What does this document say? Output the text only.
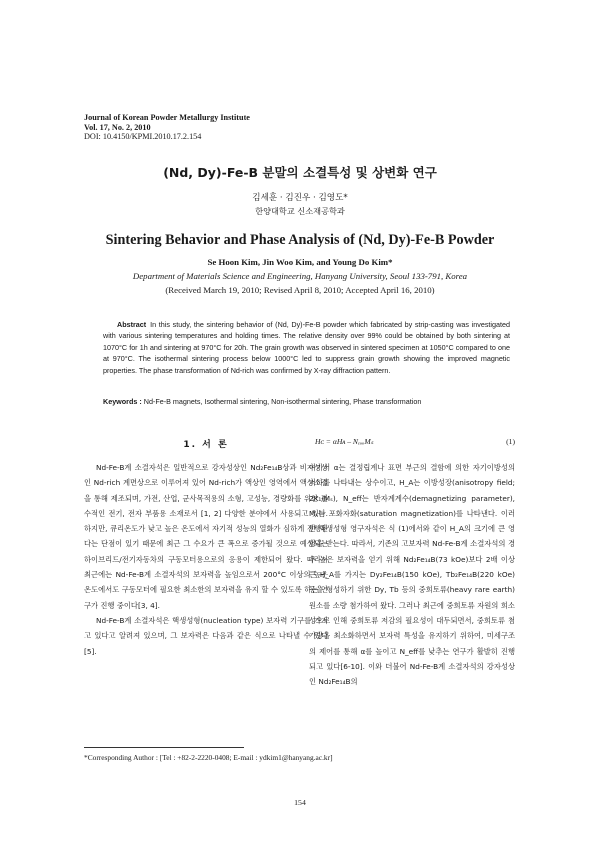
Journal of Korean Powder Metallurgy Institute
Vol. 17, No. 2, 2010
DOI: 10.4150/KPMI.2010.17.2.154
(Nd, Dy)-Fe-B 분말의 소결특성 및 상변화 연구
김세훈 · 김진우 · 김영도*
한양대학교 신소재공학과
Sintering Behavior and Phase Analysis of (Nd, Dy)-Fe-B Powder
Se Hoon Kim, Jin Woo Kim, and Young Do Kim*
Department of Materials Science and Engineering, Hanyang University, Seoul 133-791, Korea
(Received March 19, 2010; Revised April 8, 2010; Accepted April 16, 2010)
Abstract In this study, the sintering behavior of (Nd, Dy)-Fe-B powder which fabricated by strip-casting was investigated with various sintering temperatures and holding times. The relative density over 99% could be obtained by both sintering at 1070°C for 1h and sintering at 970°C for 20h. The grain growth was observed in sintered specimen at 1050°C compared to one at 970°C. The isothermal sintering process below 1000°C led to suppress grain growth showing the improved magnetic properties. The phase transformation of Nd-rich was confirmed by X-ray diffraction pattern.
Keywords : Nd-Fe-B magnets, Isothermal sintering, Non-isothermal sintering, Phase transformation
1. 서 론

Nd-Fe-B계 소결자석은 일반적으로 강자성상인 Nd₂Fe₁₄B상과 비자성상인 Nd-rich 계면상으로 이루어져 있어 Nd-rich가 액상인 영역에서 액상소결을 통해 제조되며, 가전, 산업, 군사목적용의 소형, 고성능, 경량화를 위한 필수적인 전기, 전자 부품용 소재로서 [1, 2] 다양한 분야에서 사용되고 있다. 하지만, 큐리온도가 낮고 높은 온도에서 자기적 성능의 열화가 심하게 진행된다는 단점이 있기 때문에 최근 그 수요가 큰 폭으로 증가될 것으로 예상되는 하이브리드/전기자동차의 구동모터용으로의 응용이 제한되어 왔다. 따라서 최근에는 Nd-Fe-B계 소결자석의 보자력을 높임으로서 200°C 이상의 높은 온도에서도 구동모터에 필요한 최소한의 보자력을 유지 할 수 있도록 하는 연구가 진행 중이다[3, 4].

Nd-Fe-B계 소결자석은 핵생성형(nucleation type) 보자력 기구를 가지고 있다고 알려져 있으며, 그 보자력은 다음과 같은 식으로 나타낼 수 있다[5].

Hᴄ = αHᴀ – NₑₒₒMₛ	(1)

여기서 α는 결정립계나 표면 부근의 결함에 의한 자기이방성의 저하를 나타내는 상수이고, H_A는 이방성장(anisotropy field; 2K₁/Mₛ), N_eff는 반자계계수(demagnetizing parameter), Mₛ는 포화자화(saturation magnetization)를 나타낸다. 이러한 핵생성형 영구자석은 식 (1)에서와 같이 H_A의 크기에 큰 영향을 받는다. 따라서, 기존의 고보자력 Nd-Fe-B계 소결자석의 경우 높은 보자력을 얻기 위해 Nd₂Fe₁₄B(73 kOe)보다 2배 이상 큰 H_A를 가지는 Dy₂Fe₁₄B(150 kOe), Tb₂Fe₁₄B(220 kOe) 등을 형성하기 위한 Dy, Tb 등의 중희토류(heavy rare earth) 원소를 소량 첨가하여 왔다. 그러나 최근에 중희토류 자원의 희소성으로 인해 중희토류 저감의 필요성이 대두되면서, 중희토류 첨가량을 최소화하면서 보자력 특성을 유지하기 위하여, 미세구조의 제어를 통해 α를 높이고 N_eff를 낮추는 연구가 활발히 진행되고 있다[6-10]. 이와 더불어 Nd-Fe-B계 소결자석의 강자성상인 Nd₂Fe₁₄B의

*Corresponding Author : [Tel : +82-2-2220-0408; E-mail : ydkim1@hanyang.ac.kr]
154
